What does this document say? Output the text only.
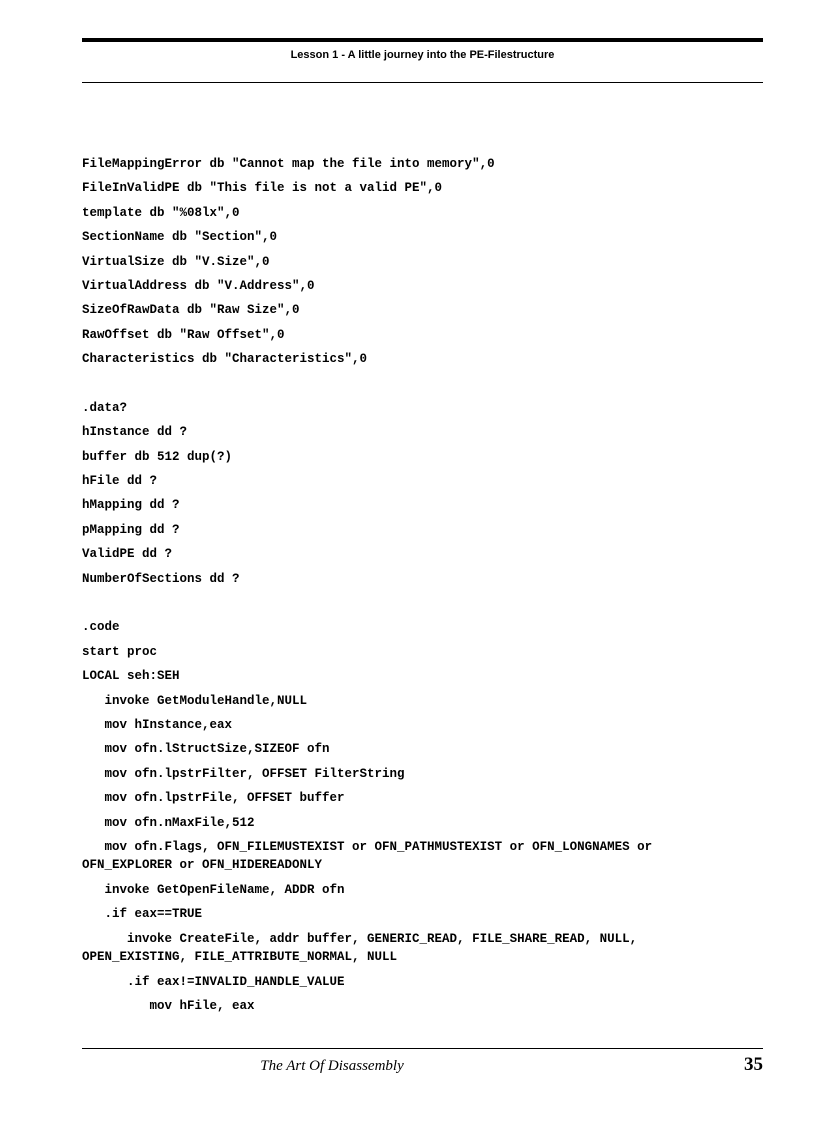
Lesson 1 - A little journey into the PE-Filestructure
FileMappingError db "Cannot map the file into memory",0
FileInValidPE db "This file is not a valid PE",0
template db "%08lx",0
SectionName db "Section",0
VirtualSize db "V.Size",0
VirtualAddress db "V.Address",0
SizeOfRawData db "Raw Size",0
RawOffset db "Raw Offset",0
Characteristics db "Characteristics",0

.data?
hInstance dd ?
buffer db 512 dup(?)
hFile dd ?
hMapping dd ?
pMapping dd ?
ValidPE dd ?
NumberOfSections dd ?

.code
start proc
LOCAL seh:SEH
invoke GetModuleHandle,NULL
mov hInstance,eax
mov ofn.lStructSize,SIZEOF ofn
mov ofn.lpstrFilter, OFFSET FilterString
mov ofn.lpstrFile, OFFSET buffer
mov ofn.nMaxFile,512
mov ofn.Flags, OFN_FILEMUSTEXIST or OFN_PATHMUSTEXIST or OFN_LONGNAMES or
OFN_EXPLORER or OFN_HIDEREADONLY
invoke GetOpenFileName, ADDR ofn
.if eax==TRUE
invoke CreateFile, addr buffer, GENERIC_READ, FILE_SHARE_READ, NULL,
OPEN_EXISTING, FILE_ATTRIBUTE_NORMAL, NULL
.if eax!=INVALID_HANDLE_VALUE
mov hFile, eax
The Art Of Disassembly	35
